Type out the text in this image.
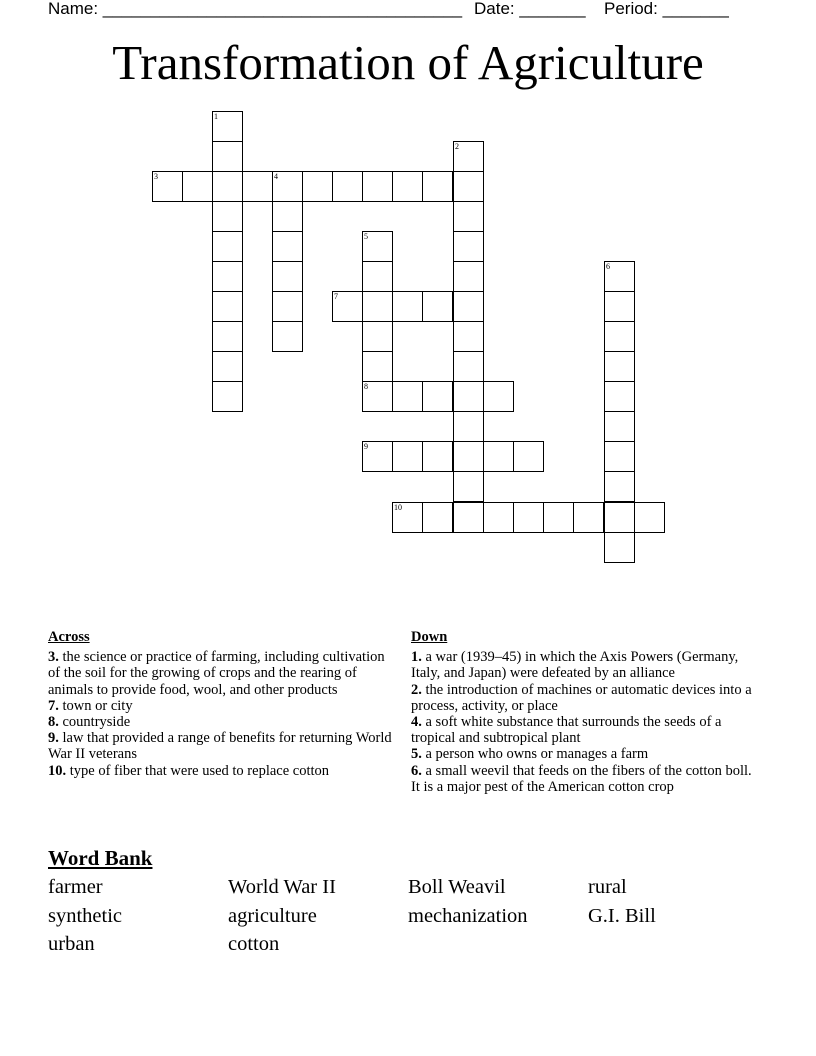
Name: ______________________________________ Date: _______ Period: _______
Transformation of Agriculture
1
2
3	4
5
7
8
9
10
6
Across
3. the science or practice of farming, including cultivation of the soil for the growing of crops and the rearing of animals to provide food, wool, and other products
7. town or city
8. countryside
9. law that provided a range of benefits for returning World War II veterans
10. type of fiber that were used to replace cotton
Down
1. a war (1939–45) in which the Axis Powers (Germany, Italy, and Japan) were defeated by an alliance
2. the introduction of machines or automatic devices into a process, activity, or place
4. a soft white substance that surrounds the seeds of a tropical and subtropical plant
5. a person who owns or manages a farm
6. a small weevil that feeds on the fibers of the cotton boll. It is a major pest of the American cotton crop
Word Bank
farmer	World War II	Boll Weavil	rural
synthetic	agriculture	mechanization	G.I. Bill
urban	cotton
